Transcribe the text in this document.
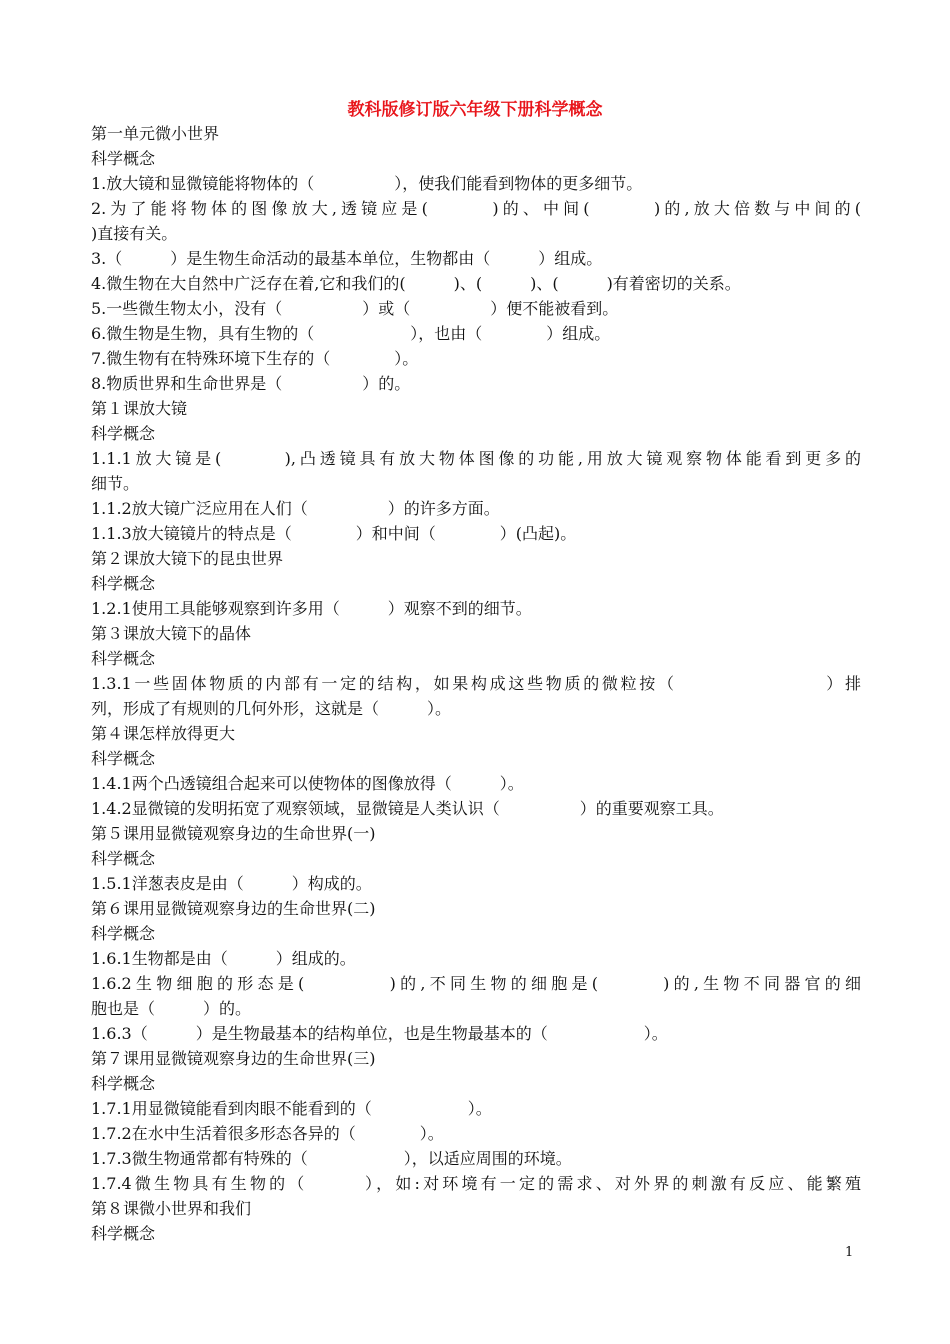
教科版修订版六年级下册科学概念
第一单元微小世界
科学概念
1.放大镜和显微镜能将物体的（　　　　　），使我们能看到物体的更多细节。
2.为了能将物体的图像放大,透镜应是(　　　)的、中间(　　　)的,放大倍数与中间的(
)直接有关。
3.（　　　）是生物生命活动的最基本单位，生物都由（　　　）组成。
4.微生物在大自然中广泛存在着,它和我们的(　　　)、(　　　)、(　　　)有着密切的关系。
5.一些微生物太小，没有（　　　　　）或（　　　　　）便不能被看到。
6.微生物是生物，具有生物的（　　　　　　），也由（　　　　）组成。
7.微生物有在特殊环境下生存的（　　　　）。
8.物质世界和生命世界是（　　　　　）的。
第１课放大镜
科学概念
1.1.1放大镜是(　　　),凸透镜具有放大物体图像的功能,用放大镜观察物体能看到更多的
细节。
1.1.2放大镜广泛应用在人们（　　　　　）的许多方面。
1.1.3放大镜镜片的特点是（　　　　）和中间（　　　　）(凸起)。
第２课放大镜下的昆虫世界
科学概念
1.2.1使用工具能够观察到许多用（　　　）观察不到的细节。
第３课放大镜下的晶体
科学概念
1.3.1一些固体物质的内部有一定的结构，如果构成这些物质的微粒按（　　　　　　　　）排
列，形成了有规则的几何外形，这就是（　　　）。
第４课怎样放得更大
科学概念
1.4.1两个凸透镜组合起来可以使物体的图像放得（　　　）。
1.4.2显微镜的发明拓宽了观察领域，显微镜是人类认识（　　　　　）的重要观察工具。
第５课用显微镜观察身边的生命世界(一)
科学概念
1.5.1洋葱表皮是由（　　　）构成的。
第６课用显微镜观察身边的生命世界(二)
科学概念
1.6.1生物都是由（　　　）组成的。
1.6.2生物细胞的形态是(　　　　)的,不同生物的细胞是(　　　)的,生物不同器官的细
胞也是（　　　）的。
1.6.3（　　　）是生物最基本的结构单位，也是生物最基本的（　　　　　　）。
第７课用显微镜观察身边的生命世界(三)
科学概念
1.7.1用显微镜能看到肉眼不能看到的（　　　　　　）。
1.7.2在水中生活着很多形态各异的（　　　　）。
1.7.3微生物通常都有特殊的（　　　　　　），以适应周围的环境。
1.7.4微生物具有生物的（　　　），如:对环境有一定的需求、对外界的刺激有反应、能繁殖
第８课微小世界和我们
科学概念
1
